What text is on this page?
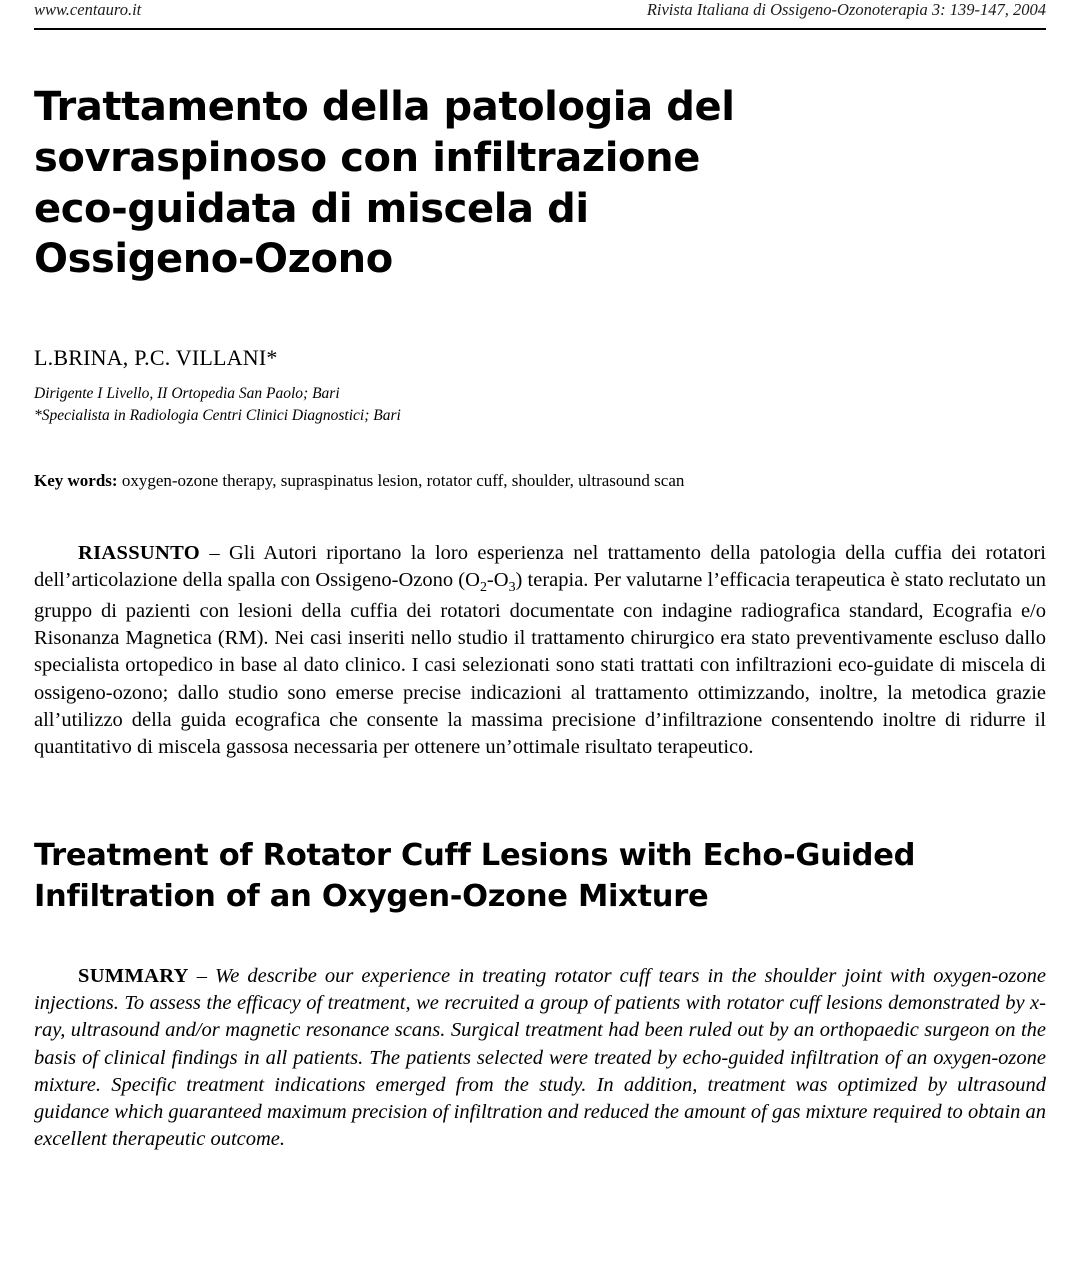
www.centauro.it	Rivista Italiana di Ossigeno-Ozonoterapia 3: 139-147, 2004
Trattamento della patologia del
sovraspinoso con infiltrazione
eco-guidata di miscela di
Ossigeno-Ozono
L.BRINA, P.C. VILLANI*
Dirigente I Livello, II Ortopedia San Paolo; Bari
*Specialista in Radiologia Centri Clinici Diagnostici; Bari
Key words: oxygen-ozone therapy, supraspinatus lesion, rotator cuff, shoulder, ultrasound scan
RIASSUNTO – Gli Autori riportano la loro esperienza nel trattamento della patologia della cuffia dei rotatori dell’articolazione della spalla con Ossigeno-Ozono $(O_2-O_3)$ terapia. Per valutarne l’efficacia terapeutica è stato reclutato un gruppo di pazienti con lesioni della cuffia dei rotatori documentate con indagine radiografica standard, Ecografia e/o Risonanza Magnetica (RM). Nei casi inseriti nello studio il trattamento chirurgico era stato preventivamente escluso dallo specialista ortopedico in base al dato clinico. I casi selezionati sono stati trattati con infiltrazioni eco-guidate di miscela di ossigeno-ozono; dallo studio sono emerse precise indicazioni al trattamento ottimizzando, inoltre, la metodica grazie all’utilizzo della guida ecografica che consente la massima precisione d’infiltrazione consentendo inoltre di ridurre il quantitativo di miscela gassosa necessaria per ottenere un’ottimale risultato terapeutico.
Treatment of Rotator Cuff Lesions with Echo-Guided
Infiltration of an Oxygen-Ozone Mixture
SUMMARY – We describe our experience in treating rotator cuff tears in the shoulder joint with oxygen-ozone injections. To assess the efficacy of treatment, we recruited a group of patients with rotator cuff lesions demonstrated by x-ray, ultrasound and/or magnetic resonance scans. Surgical treatment had been ruled out by an orthopaedic surgeon on the basis of clinical findings in all patients. The patients selected were treated by echo-guided infiltration of an oxygen-ozone mixture. Specific treatment indications emerged from the study. In addition, treatment was optimized by ultrasound guidance which guaranteed maximum precision of infiltration and reduced the amount of gas mixture required to obtain an excellent therapeutic outcome.
